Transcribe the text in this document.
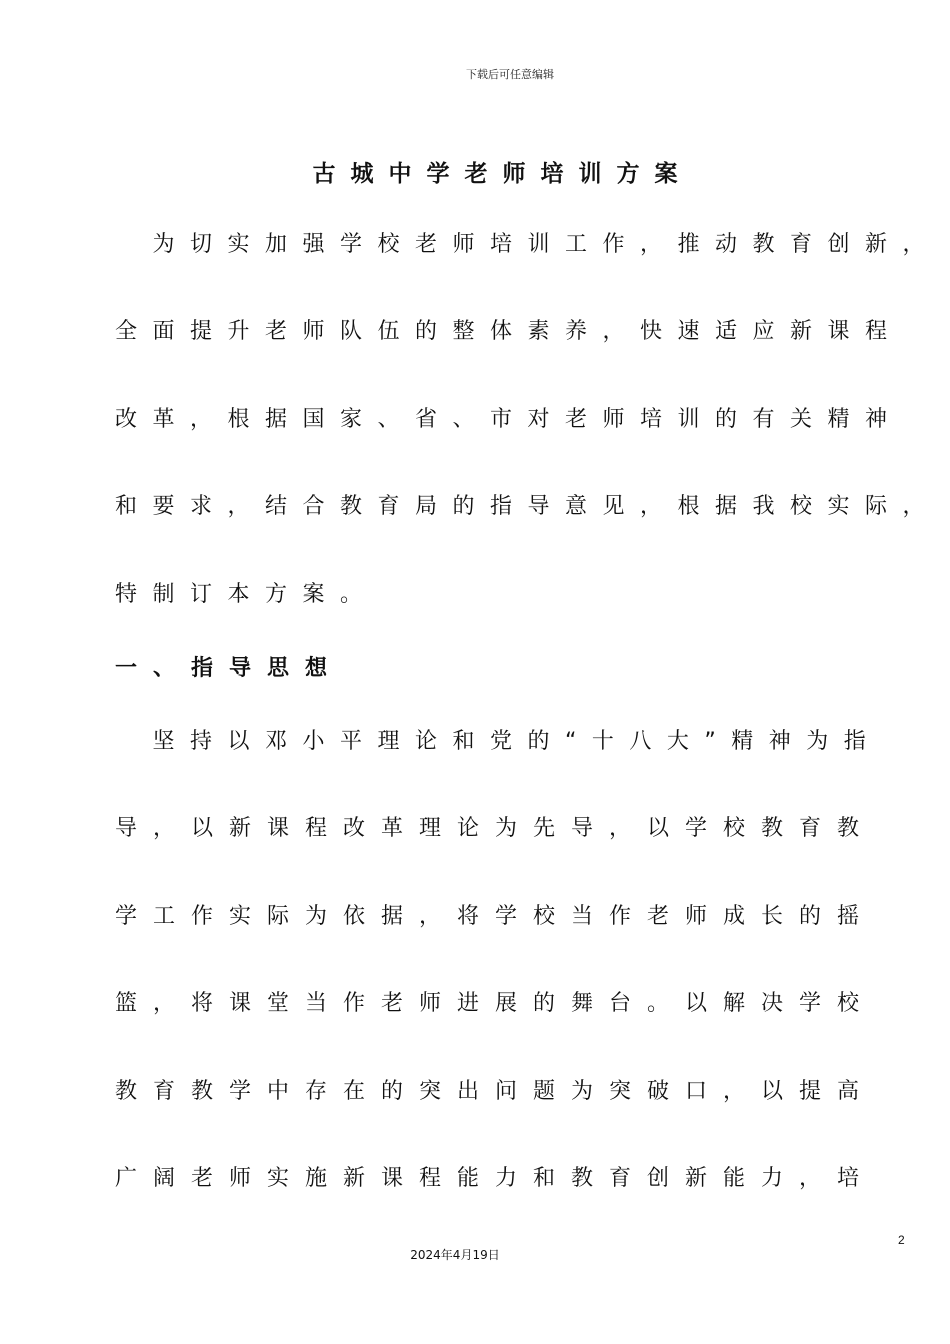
下载后可任意编辑
古城中学老师培训方案
　为切实加强学校老师培训工作，推动教育创新，
全面提升老师队伍的整体素养，快速适应新课程
改革，根据国家、省、市对老师培训的有关精神
和要求，结合教育局的指导意见，根据我校实际，
特制订本方案。
一、指导思想
　坚持以邓小平理论和党的“十八大”精神为指
导，以新课程改革理论为先导，以学校教育教
学工作实际为依据，将学校当作老师成长的摇
篮，将课堂当作老师进展的舞台。以解决学校
教育教学中存在的突出问题为突破口，以提高
广阔老师实施新课程能力和教育创新能力，培
2
2024年4月19日
